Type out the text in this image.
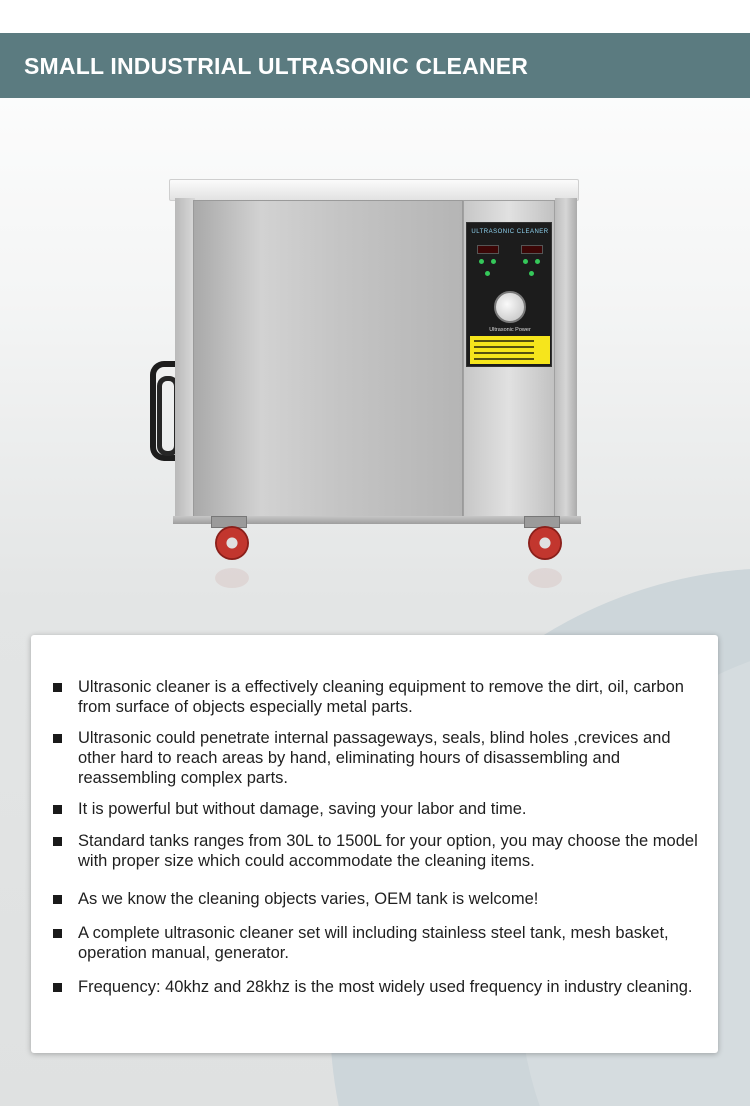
SMALL INDUSTRIAL ULTRASONIC CLEANER
ULTRASONIC CLEANER
Ultrasonic Power
Ultrasonic cleaner is a effectively cleaning equipment to remove the dirt, oil, carbon from surface of objects especially metal parts.
Ultrasonic could penetrate internal passageways, seals, blind holes ,crevices and other hard to reach areas by hand, eliminating hours of disassembling and reassembling complex parts.
It is powerful but without damage, saving your labor and time.
Standard tanks ranges from 30L to 1500L for your option, you may choose the model with proper size which could accommodate the cleaning items.
As we know the cleaning objects varies, OEM tank is welcome!
A complete ultrasonic cleaner set will including stainless steel tank, mesh basket, operation manual, generator.
Frequency: 40khz and 28khz is the most widely used frequency in industry cleaning.
